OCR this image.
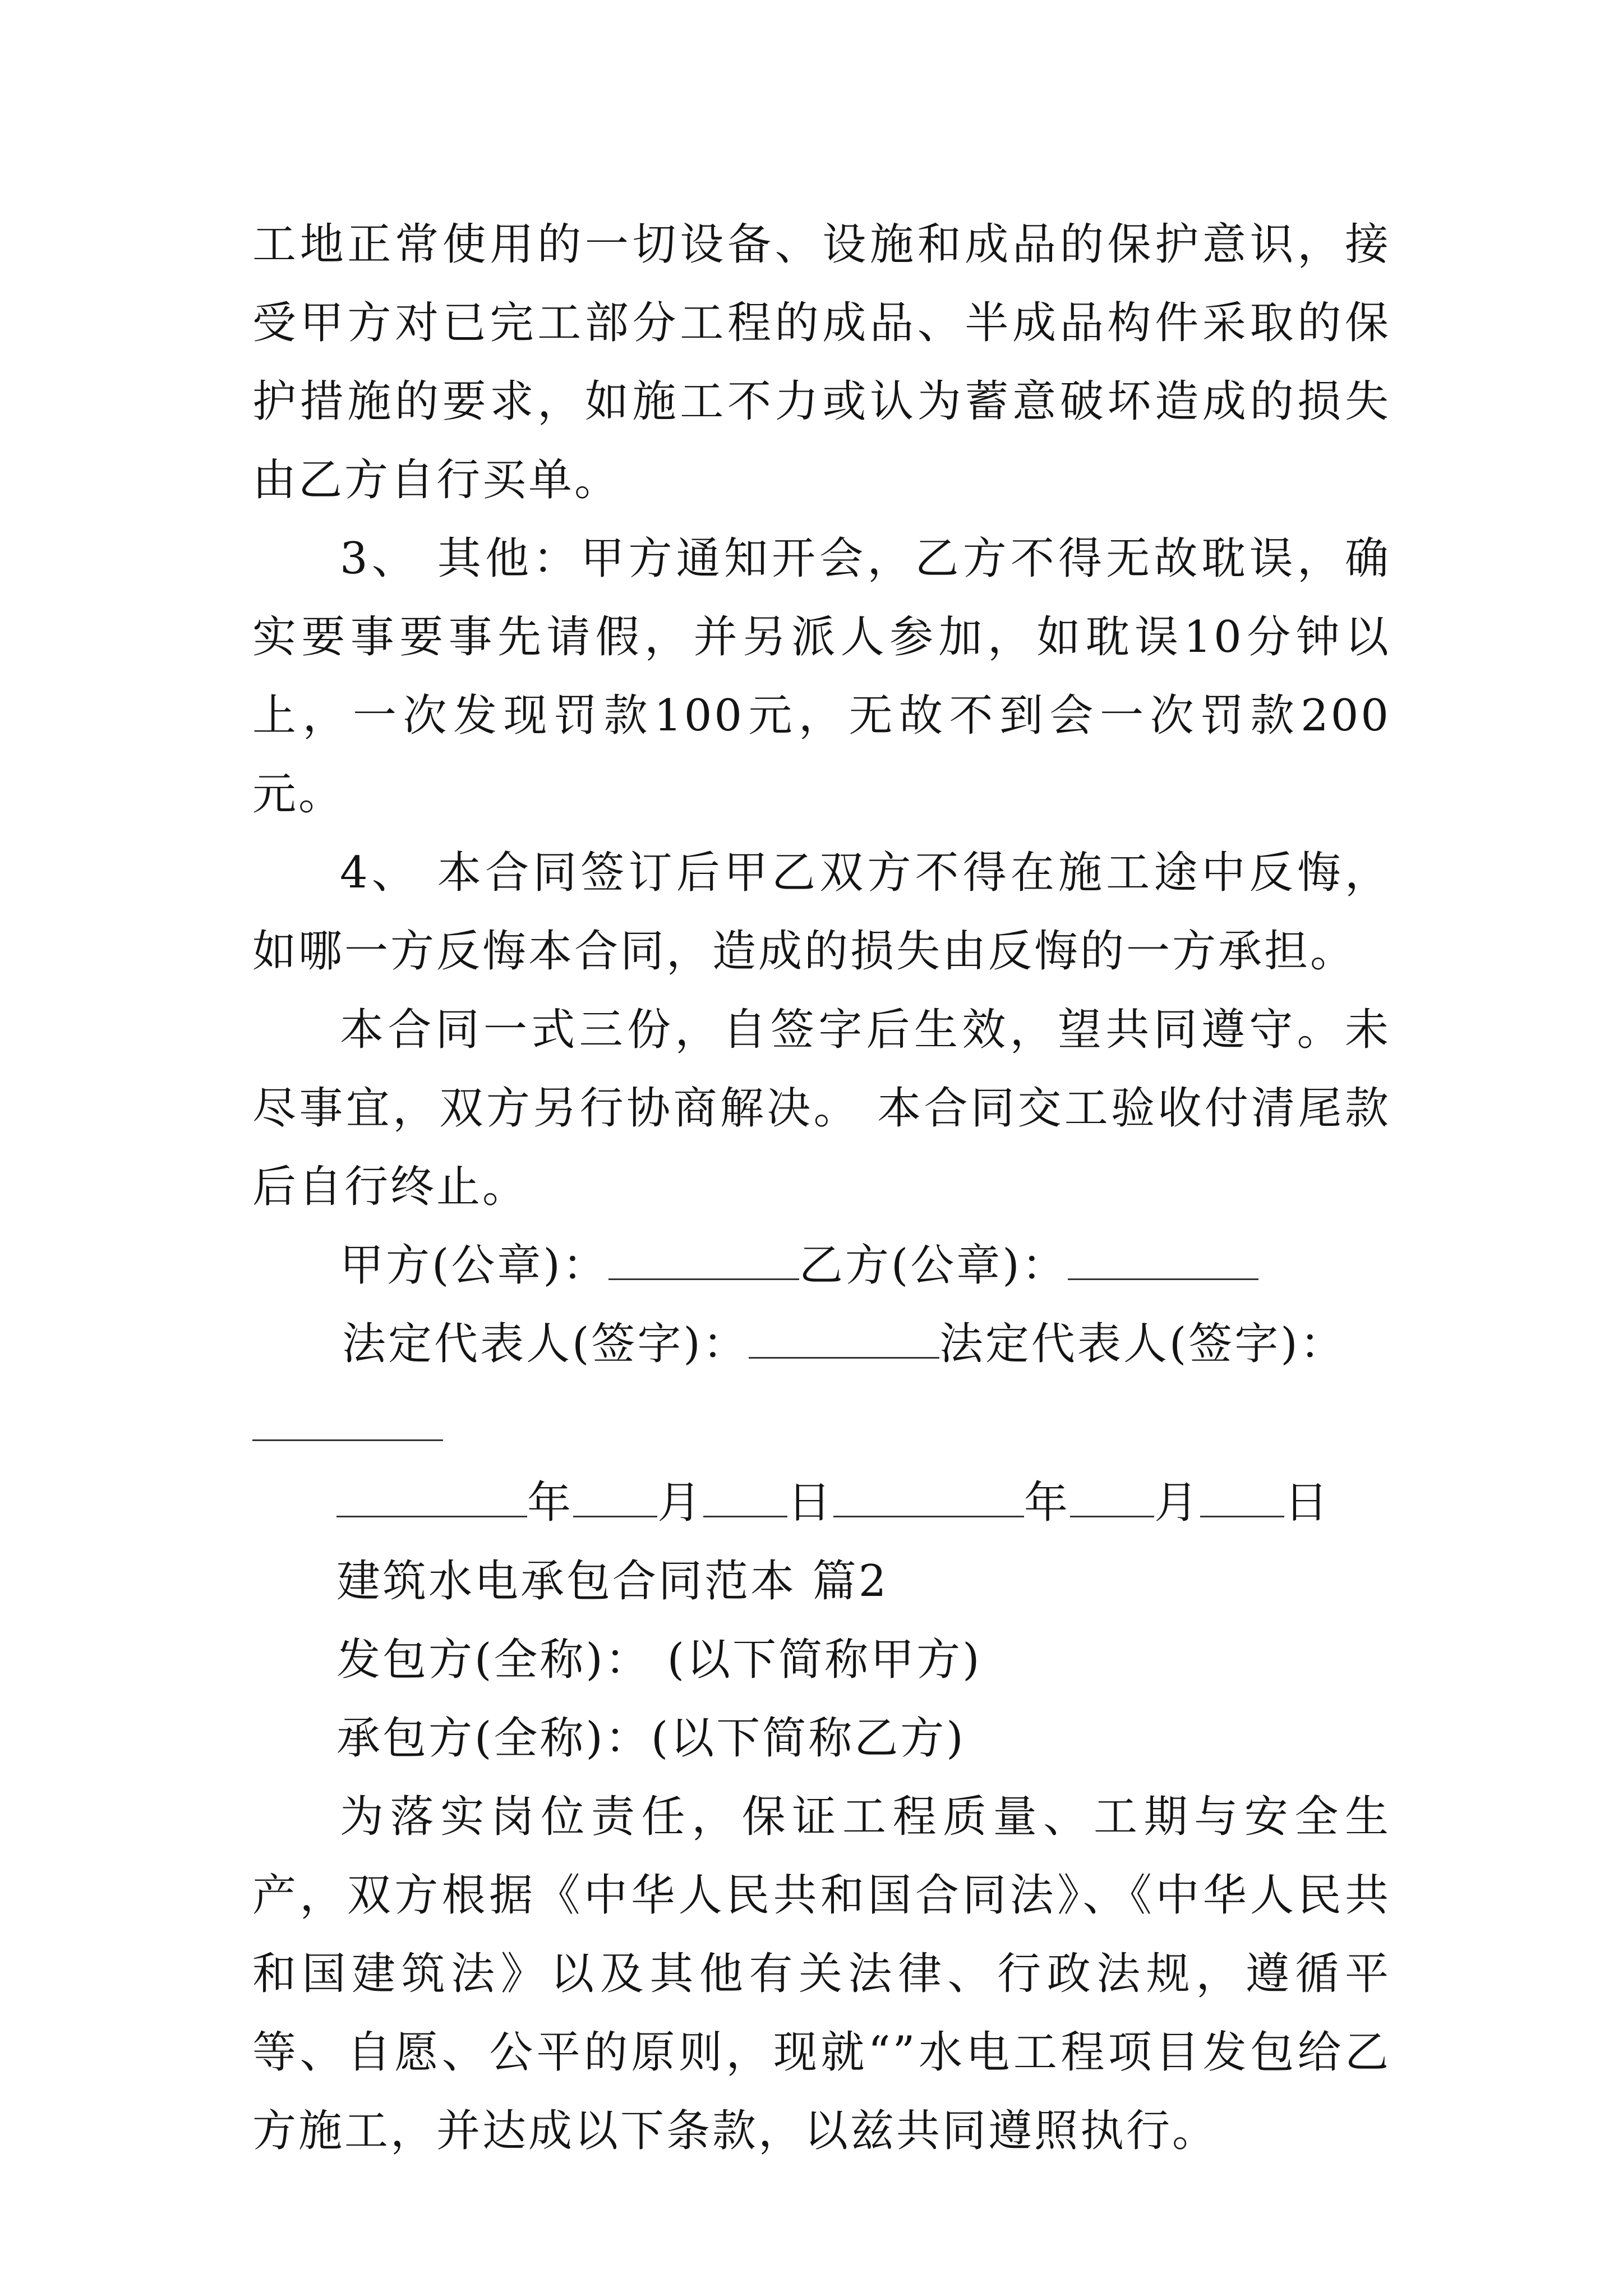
工地正常使用的一切设备、设施和成品的保护意识，接受甲方对已完工部分工程的成品、半成品构件采取的保护措施的要求，如施工不力或认为蓄意破坏造成的损失由乙方自行买单。

3、 其他：甲方通知开会，乙方不得无故耽误，确实要事要事先请假，并另派人参加，如耽误10分钟以上，一次发现罚款100元，无故不到会一次罚款200元。

4、 本合同签订后甲乙双方不得在施工途中反悔，如哪一方反悔本合同，造成的损失由反悔的一方承担。

本合同一式三份，自签字后生效，望共同遵守。未尽事宜，双方另行协商解决。 本合同交工验收付清尾款后自行终止。

甲方(公章)：	乙方(公章)：
法定代表人(签字)：	法定代表人(签字)：
年 月 日	年 月 日
建筑水电承包合同范本 篇2
发包方(全称)： (以下简称甲方)
承包方(全称)：(以下简称乙方)

为落实岗位责任，保证工程质量、工期与安全生产，双方根据《中华人民共和国合同法》、《中华人民共和国建筑法》以及其他有关法律、行政法规，遵循平等、自愿、公平的原则，现就“”水电工程项目发包给乙方施工，并达成以下条款，以兹共同遵照执行。
